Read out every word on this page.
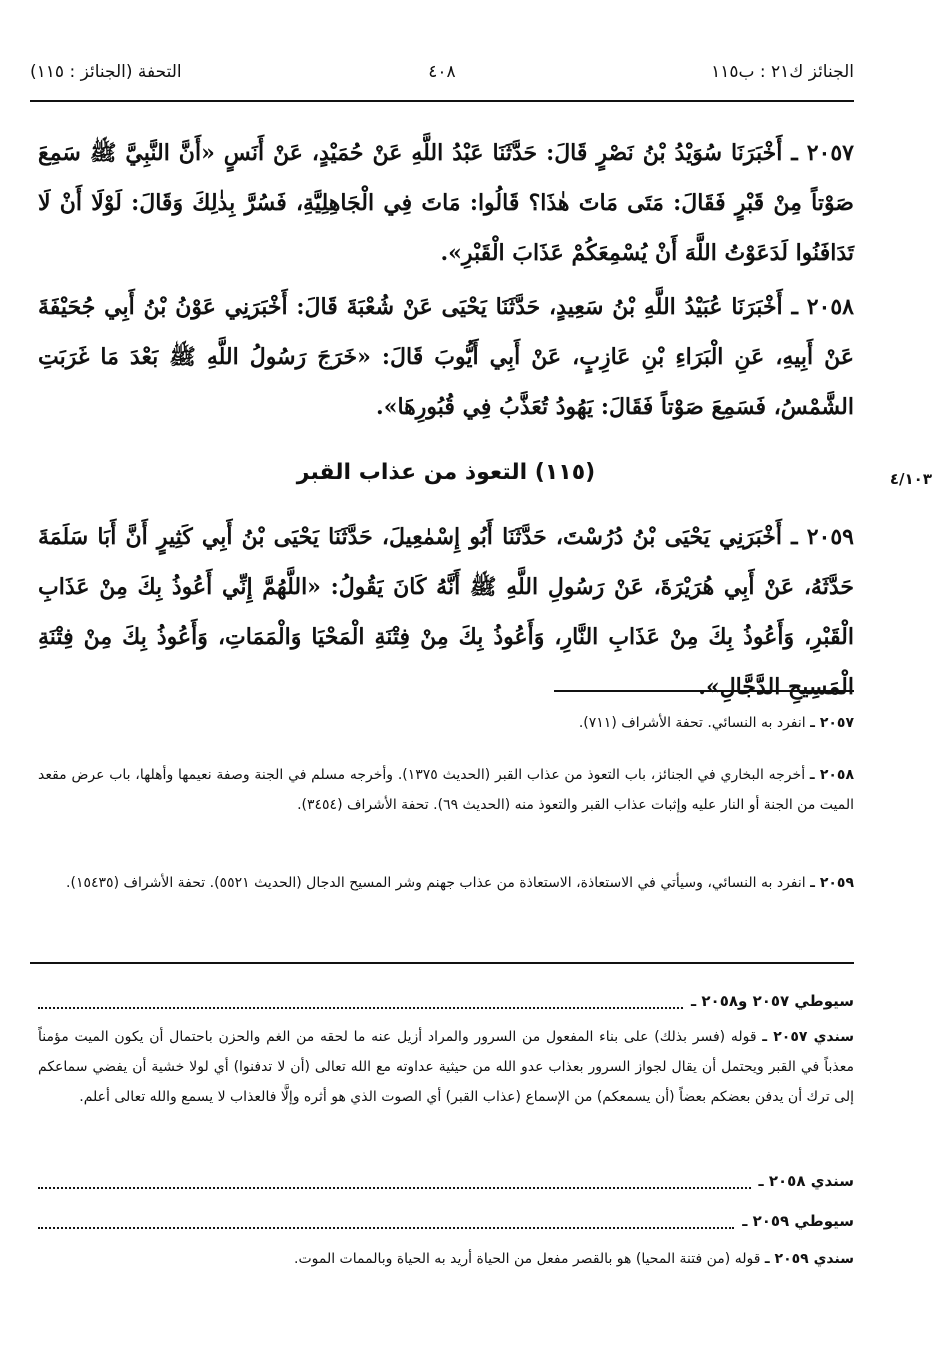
الجنائز ك٢١ : ب١١٥
٤٠٨
التحفة (الجنائز : ١١٥)
٢٠٥٧ ـ أَخْبَرَنَا سُوَيْدُ بْنُ نَصْرٍ قَالَ: حَدَّثَنَا عَبْدُ اللَّهِ عَنْ حُمَيْدٍ، عَنْ أَنَسٍ «أَنَّ النَّبِيَّ ﷺ سَمِعَ صَوْتاً مِنْ قَبْرٍ فَقَالَ: مَتَى مَاتَ هٰذَا؟ قَالُوا: مَاتَ فِي الْجَاهِلِيَّةِ، فَسُرَّ بِذٰلِكَ وَقَالَ: لَوْلَا أَنْ لَا تَدَافَنُوا لَدَعَوْتُ اللَّهَ أَنْ يُسْمِعَكُمْ عَذَابَ الْقَبْرِ».
٢٠٥٨ ـ أَخْبَرَنَا عُبَيْدُ اللَّهِ بْنُ سَعِيدٍ، حَدَّثَنَا يَحْيَى عَنْ شُعْبَةَ قَالَ: أَخْبَرَنِي عَوْنُ بْنُ أَبِي جُحَيْفَةَ عَنْ أَبِيهِ، عَنِ الْبَرَاءِ بْنِ عَازِبٍ، عَنْ أَبِي أَيُّوبَ قَالَ: «خَرَجَ رَسُولُ اللَّهِ ﷺ بَعْدَ مَا غَرَبَتِ الشَّمْسُ، فَسَمِعَ صَوْتاً فَقَالَ: يَهُودُ تُعَذَّبُ فِي قُبُورِهَا».
(١١٥) التعوذ من عذاب القبر	٤/١٠٣
٢٠٥٩ ـ أَخْبَرَنِي يَحْيَى بْنُ دُرُسْتَ، حَدَّثَنَا أَبُو إِسْمٰعِيلَ، حَدَّثَنَا يَحْيَى بْنُ أَبِي كَثِيرٍ أَنَّ أَبَا سَلَمَةَ حَدَّثَهُ، عَنْ أَبِي هُرَيْرَةَ، عَنْ رَسُولِ اللَّهِ ﷺ أَنَّهُ كَانَ يَقُولُ: «اللَّهُمَّ إِنِّي أَعُوذُ بِكَ مِنْ عَذَابِ الْقَبْرِ، وَأَعُوذُ بِكَ مِنْ عَذَابِ النَّارِ، وَأَعُوذُ بِكَ مِنْ فِتْنَةِ الْمَحْيَا وَالْمَمَاتِ، وَأَعُوذُ بِكَ مِنْ فِتْنَةِ الْمَسِيحِ الدَّجَّالِ».
٢٠٥٧ ـ انفرد به النسائي. تحفة الأشراف (٧١١).
٢٠٥٨ ـ أخرجه البخاري في الجنائز، باب التعوذ من عذاب القبر (الحديث ١٣٧٥). وأخرجه مسلم في الجنة وصفة نعيمها وأهلها، باب عرض مقعد الميت من الجنة أو النار عليه وإثبات عذاب القبر والتعوذ منه (الحديث ٦٩). تحفة الأشراف (٣٤٥٤).
٢٠٥٩ ـ انفرد به النسائي، وسيأتي في الاستعاذة، الاستعاذة من عذاب جهنم وشر المسيح الدجال (الحديث ٥٥٢١). تحفة الأشراف (١٥٤٣٥).
سيوطي ٢٠٥٧ و٢٠٥٨ ـ
سندي ٢٠٥٧ ـ قوله (فسر بذلك) على بناء المفعول من السرور والمراد أزيل عنه ما لحقه من الغم والحزن باحتمال أن يكون الميت مؤمناً معذباً في القبر ويحتمل أن يقال لجواز السرور بعذاب عدو الله من حيثية عداوته مع الله تعالى (أن لا تدفنوا) أي لولا خشية أن يفضي سماعكم إلى ترك أن يدفن بعضكم بعضاً (أن يسمعكم) من الإسماع (عذاب القبر) أي الصوت الذي هو أثره وإلَّا فالعذاب لا يسمع والله تعالى أعلم.
سندي ٢٠٥٨ ـ
سيوطي ٢٠٥٩ ـ
سندي ٢٠٥٩ ـ قوله (من فتنة المحيا) هو بالقصر مفعل من الحياة أريد به الحياة وبالممات الموت.
